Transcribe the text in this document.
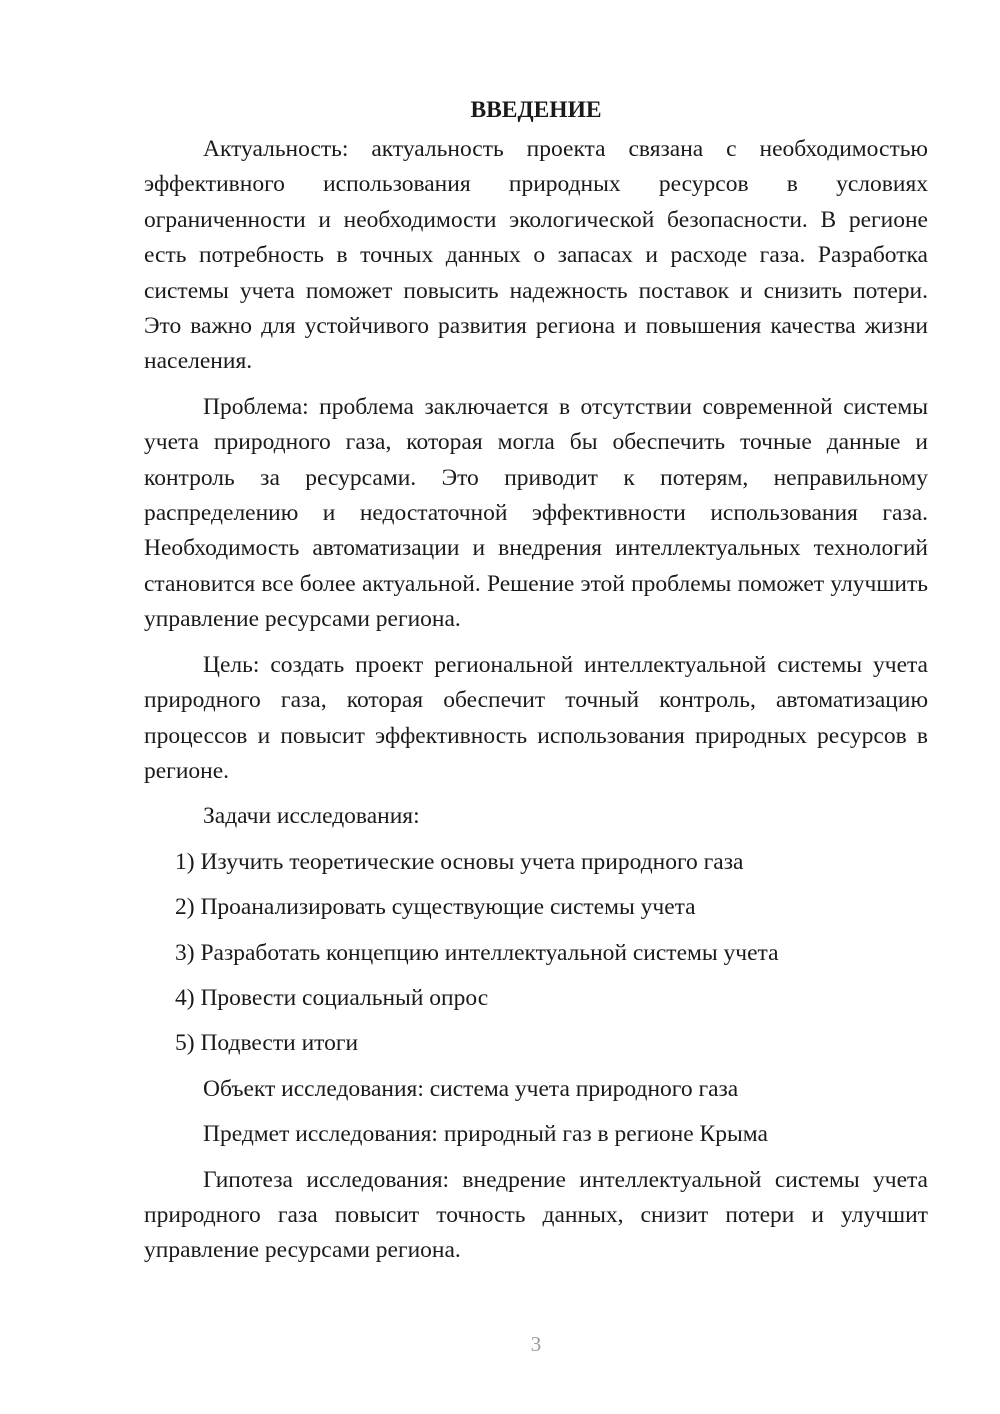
ВВЕДЕНИЕ

Актуальность: актуальность проекта связана с необходимостью эффективного использования природных ресурсов в условиях ограниченности и необходимости экологической безопасности. В регионе есть потребность в точных данных о запасах и расходе газа. Разработка системы учета поможет повысить надежность поставок и снизить потери. Это важно для устойчивого развития региона и повышения качества жизни населения.

Проблема: проблема заключается в отсутствии современной системы учета природного газа, которая могла бы обеспечить точные данные и контроль за ресурсами. Это приводит к потерям, неправильному распределению и недостаточной эффективности использования газа. Необходимость автоматизации и внедрения интеллектуальных технологий становится все более актуальной. Решение этой проблемы поможет улучшить управление ресурсами региона.

Цель: создать проект региональной интеллектуальной системы учета природного газа, которая обеспечит точный контроль, автоматизацию процессов и повысит эффективность использования природных ресурсов в регионе.

Задачи исследования:

1) Изучить теоретические основы учета природного газа
2) Проанализировать существующие системы учета
3) Разработать концепцию интеллектуальной системы учета
4) Провести социальный опрос
5) Подвести итоги

Объект исследования: система учета природного газа

Предмет исследования: природный газ в регионе Крыма

Гипотеза исследования: внедрение интеллектуальной системы учета природного газа повысит точность данных, снизит потери и улучшит управление ресурсами региона.

3
